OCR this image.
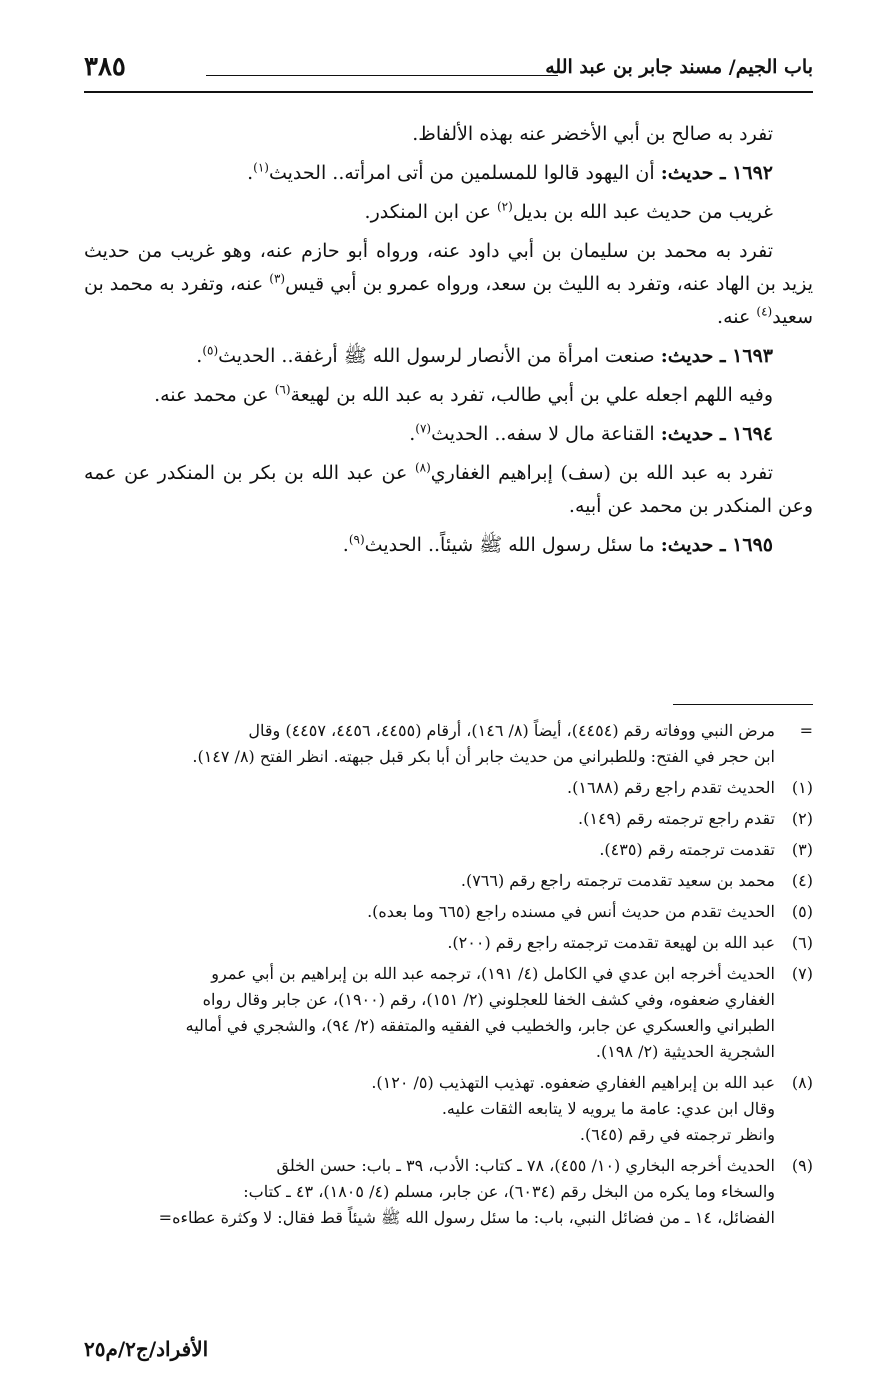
باب الجيم/ مسند جابر بن عبد الله
٣٨٥

تفرد به صالح بن أبي الأخضر عنه بهذه الألفاظ.

١٦٩٢ ـ حديث: أن اليهود قالوا للمسلمين من أتى امرأته.. الحديث$^{(١)}$.

غريب من حديث عبد الله بن بديل$^{(٢)}$ عن ابن المنكدر.

تفرد به محمد بن سليمان بن أبي داود عنه، ورواه أبو حازم عنه، وهو غريب من حديث يزيد بن الهاد عنه، وتفرد به الليث بن سعد، ورواه عمرو بن أبي قيس$^{(٣)}$ عنه، وتفرد به محمد بن سعيد$^{(٤)}$ عنه.

١٦٩٣ ـ حديث: صنعت امرأة من الأنصار لرسول الله ﷺ أرغفة.. الحديث$^{(٥)}$.

وفيه اللهم اجعله علي بن أبي طالب، تفرد به عبد الله بن لهيعة$^{(٦)}$ عن محمد عنه.

١٦٩٤ ـ حديث: القناعة مال لا سفه.. الحديث$^{(٧)}$.

تفرد به عبد الله بن (سف) إبراهيم الغفاري$^{(٨)}$ عن عبد الله بن بكر بن المنكدر عن عمه وعن المنكدر بن محمد عن أبيه.

١٦٩٥ ـ حديث: ما سئل رسول الله ﷺ شيئاً.. الحديث$^{(٩)}$.

=
مرض النبي ووفاته رقم (٤٤٥٤)، أيضاً (٨/ ١٤٦)، أرقام (٤٤٥٥، ٤٤٥٦، ٤٤٥٧) وقال
ابن حجر في الفتح: وللطبراني من حديث جابر أن أبا بكر قبل جبهته. انظر الفتح (٨/ ١٤٧).
(١)
الحديث تقدم راجع رقم (١٦٨٨).
(٢)
تقدم راجع ترجمته رقم (١٤٩).
(٣)
تقدمت ترجمته رقم (٤٣٥).
(٤)
محمد بن سعيد تقدمت ترجمته راجع رقم (٧٦٦).
(٥)
الحديث تقدم من حديث أنس في مسنده راجع (٦٦٥ وما بعده).
(٦)
عبد الله بن لهيعة تقدمت ترجمته راجع رقم (٢٠٠).
(٧)
الحديث أخرجه ابن عدي في الكامل (٤/ ١٩١)، ترجمه عبد الله بن إبراهيم بن أبي عمرو
الغفاري ضعفوه، وفي كشف الخفا للعجلوني (٢/ ١٥١)، رقم (١٩٠٠)، عن جابر وقال رواه
الطبراني والعسكري عن جابر، والخطيب في الفقيه والمتفقه (٢/ ٩٤)، والشجري في أماليه
الشجرية الحديثية (٢/ ١٩٨).
(٨)
عبد الله بن إبراهيم الغفاري ضعفوه. تهذيب التهذيب (٥/ ١٢٠).
وقال ابن عدي: عامة ما يرويه لا يتابعه الثقات عليه.
وانظر ترجمته في رقم (٦٤٥).
(٩)
الحديث أخرجه البخاري (١٠/ ٤٥٥)، ٧٨ ـ كتاب: الأدب، ٣٩ ـ باب: حسن الخلق
والسخاء وما يكره من البخل رقم (٦٠٣٤)، عن جابر، مسلم (٤/ ١٨٠٥)، ٤٣ ـ كتاب:
الفضائل، ١٤ ـ من فضائل النبي، باب: ما سئل رسول الله ﷺ شيئاً قط فقال: لا وكثرة عطاءه=
الأفراد/ج٢/م٢٥
